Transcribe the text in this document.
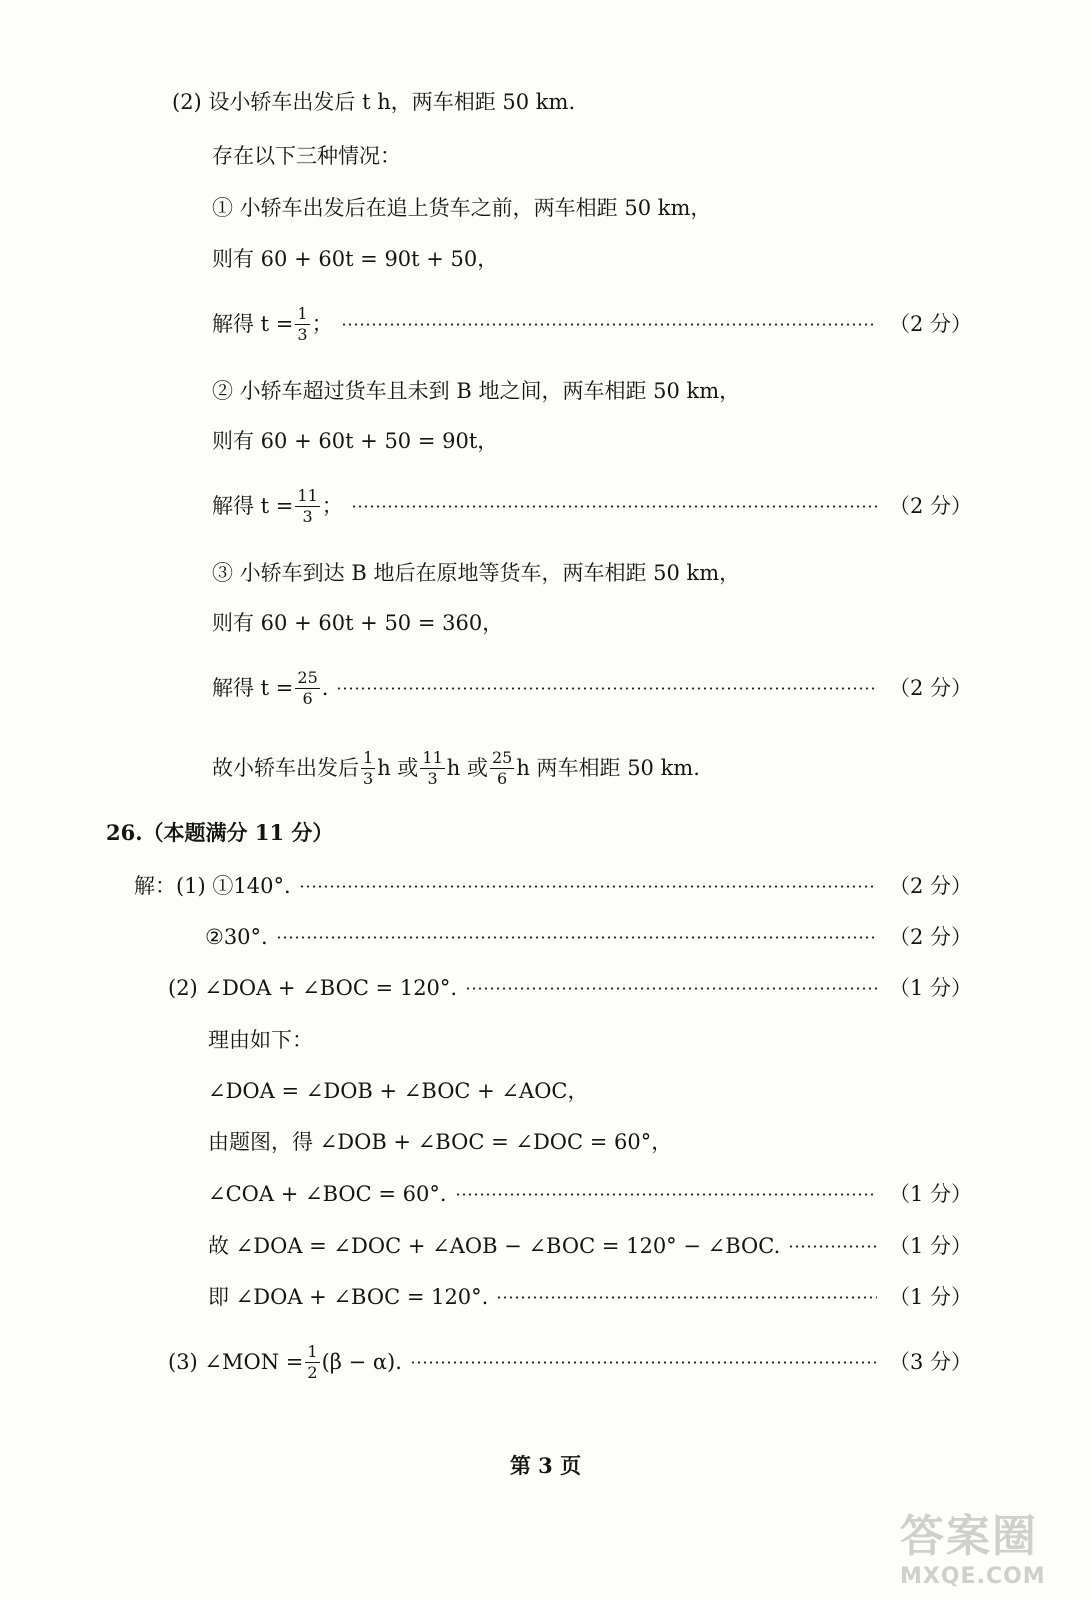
(2) 设小轿车出发后 t h，两车相距 50 km.
存在以下三种情况：
① 小轿车出发后在追上货车之前，两车相距 50 km，
则有 60 + 60t = 90t + 50，
解得 $t = \frac{1}{3}$ ；	（2 分）
② 小轿车超过货车且未到 B 地之间，两车相距 50 km，
则有 60 + 60t + 50 = 90t，
解得 $t = \frac{11}{3}$ ；	（2 分）
③ 小轿车到达 B 地后在原地等货车，两车相距 50 km，
则有 60 + 60t + 50 = 360，
解得 $t = \frac{25}{6}$ .	（2 分）
故小轿车出发后 $\frac{1}{3}$ h 或 $\frac{11}{3}$ h 或 $\frac{25}{6}$ h 两车相距 50 km.
26.（本题满分 11 分）
解：(1) ①140°.	（2 分）
②30°.	（2 分）
(2) ∠DOA + ∠BOC = 120°.	（1 分）
理由如下：
∠DOA = ∠DOB + ∠BOC + ∠AOC，
由题图，得 ∠DOB + ∠BOC = ∠DOC = 60°，
∠COA + ∠BOC = 60°.	（1 分）
故 ∠DOA = ∠DOC + ∠AOB − ∠BOC = 120° − ∠BOC.	（1 分）
即 ∠DOA + ∠BOC = 120°.	（1 分）
(3) ∠MON = $\frac{1}{2} (\beta - \alpha)$.	（3 分）
第 3 页
答案圈
MXQE.COM
